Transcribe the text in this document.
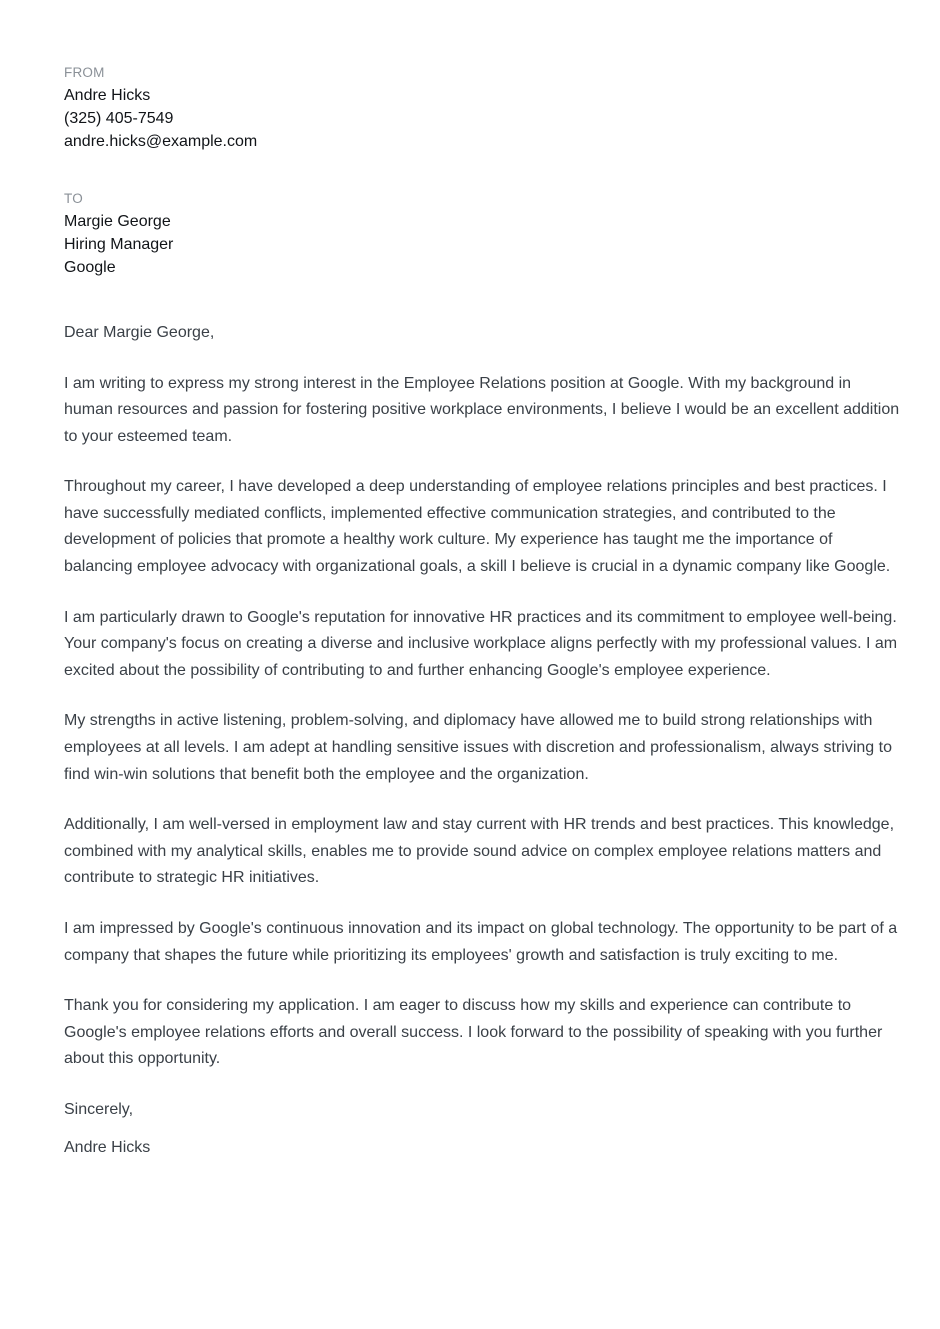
FROM
Andre Hicks
(325) 405-7549
andre.hicks@example.com
TO
Margie George
Hiring Manager
Google
Dear Margie George,

I am writing to express my strong interest in the Employee Relations position at Google. With my background in human resources and passion for fostering positive workplace environments, I believe I would be an excellent addition to your esteemed team.

Throughout my career, I have developed a deep understanding of employee relations principles and best practices. I have successfully mediated conflicts, implemented effective communication strategies, and contributed to the development of policies that promote a healthy work culture. My experience has taught me the importance of balancing employee advocacy with organizational goals, a skill I believe is crucial in a dynamic company like Google.

I am particularly drawn to Google's reputation for innovative HR practices and its commitment to employee well-being. Your company's focus on creating a diverse and inclusive workplace aligns perfectly with my professional values. I am excited about the possibility of contributing to and further enhancing Google's employee experience.

My strengths in active listening, problem-solving, and diplomacy have allowed me to build strong relationships with employees at all levels. I am adept at handling sensitive issues with discretion and professionalism, always striving to find win-win solutions that benefit both the employee and the organization.

Additionally, I am well-versed in employment law and stay current with HR trends and best practices. This knowledge, combined with my analytical skills, enables me to provide sound advice on complex employee relations matters and contribute to strategic HR initiatives.

I am impressed by Google's continuous innovation and its impact on global technology. The opportunity to be part of a company that shapes the future while prioritizing its employees' growth and satisfaction is truly exciting to me.

Thank you for considering my application. I am eager to discuss how my skills and experience can contribute to Google's employee relations efforts and overall success. I look forward to the possibility of speaking with you further about this opportunity.

Sincerely,
Andre Hicks
